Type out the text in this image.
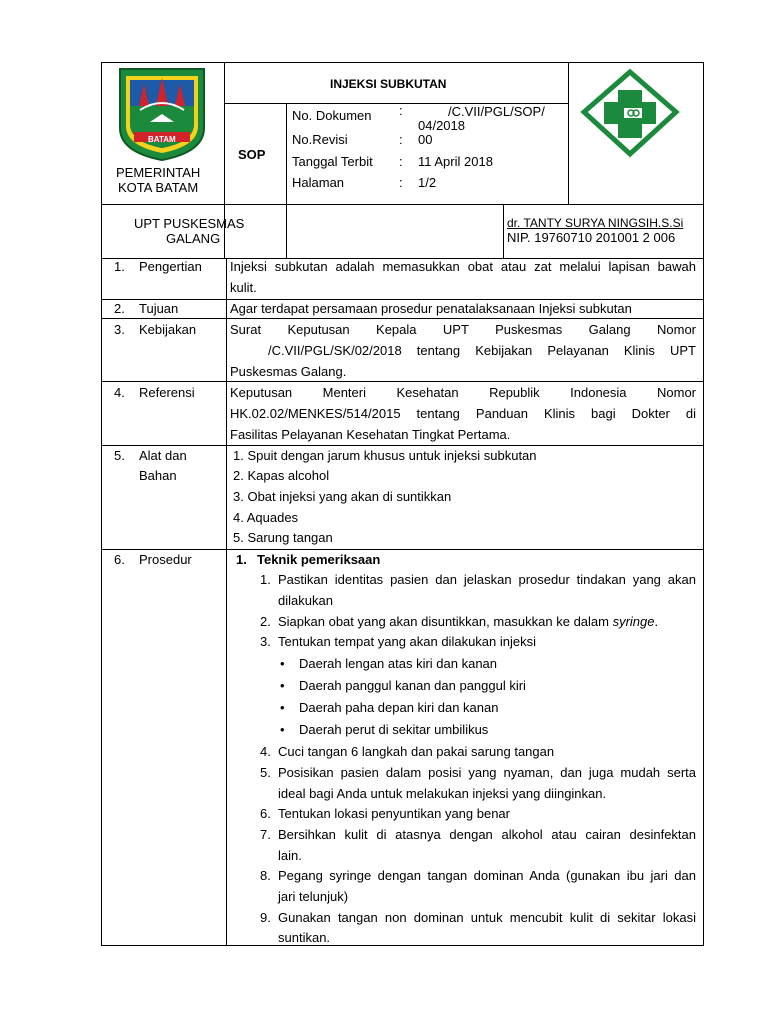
BATAM
PEMERINTAH
KOTA BATAM
INJEKSI SUBKUTAN
SOP
No. Dokumen :	/C.VII/PGL/SOP/
04/2018
No.Revisi	: 00
Tanggal Terbit : 11 April 2018
Halaman	: 1/2
UPT PUSKESMAS
GALANG
dr. TANTY SURYA NINGSIH.S.Si
NIP. 19760710 201001 2 006
1. Pengertian Injeksi subkutan adalah memasukkan obat atau zat melalui lapisan bawah
kulit.
2. Tujuan	Agar terdapat persamaan prosedur penatalaksanaan Injeksi subkutan
3. Kebijakan	Surat Keputusan Kepala UPT Puskesmas Galang Nomor
/C.VII/PGL/SK/02/2018 tentang Kebijakan Pelayanan Klinis UPT
Puskesmas Galang.
4. Referensi	Keputusan Menteri Kesehatan Republik Indonesia Nomor
HK.02.02/MENKES/514/2015 tentang Panduan Klinis bagi Dokter di
Fasilitas Pelayanan Kesehatan Tingkat Pertama.
5. Alat dan
Bahan
1. Spuit dengan jarum khusus untuk injeksi subkutan
2. Kapas alcohol
3. Obat injeksi yang akan di suntikkan
4. Aquades
5. Sarung tangan
6. Prosedur	1. Teknik pemeriksaan
1. Pastikan identitas pasien dan jelaskan prosedur tindakan yang akan
dilakukan
2. Siapkan obat yang akan disuntikkan, masukkan ke dalam syringe.
3. Tentukan tempat yang akan dilakukan injeksi
• Daerah lengan atas kiri dan kanan
• Daerah panggul kanan dan panggul kiri
• Daerah paha depan kiri dan kanan
• Daerah perut di sekitar umbilikus
4. Cuci tangan 6 langkah dan pakai sarung tangan
5. Posisikan pasien dalam posisi yang nyaman, dan juga mudah serta
ideal bagi Anda untuk melakukan injeksi yang diinginkan.
6. Tentukan lokasi penyuntikan yang benar
7. Bersihkan kulit di atasnya dengan alkohol atau cairan desinfektan
lain.
8. Pegang syringe dengan tangan dominan Anda (gunakan ibu jari dan
jari telunjuk)
9. Gunakan tangan non dominan untuk mencubit kulit di sekitar lokasi
suntikan.
